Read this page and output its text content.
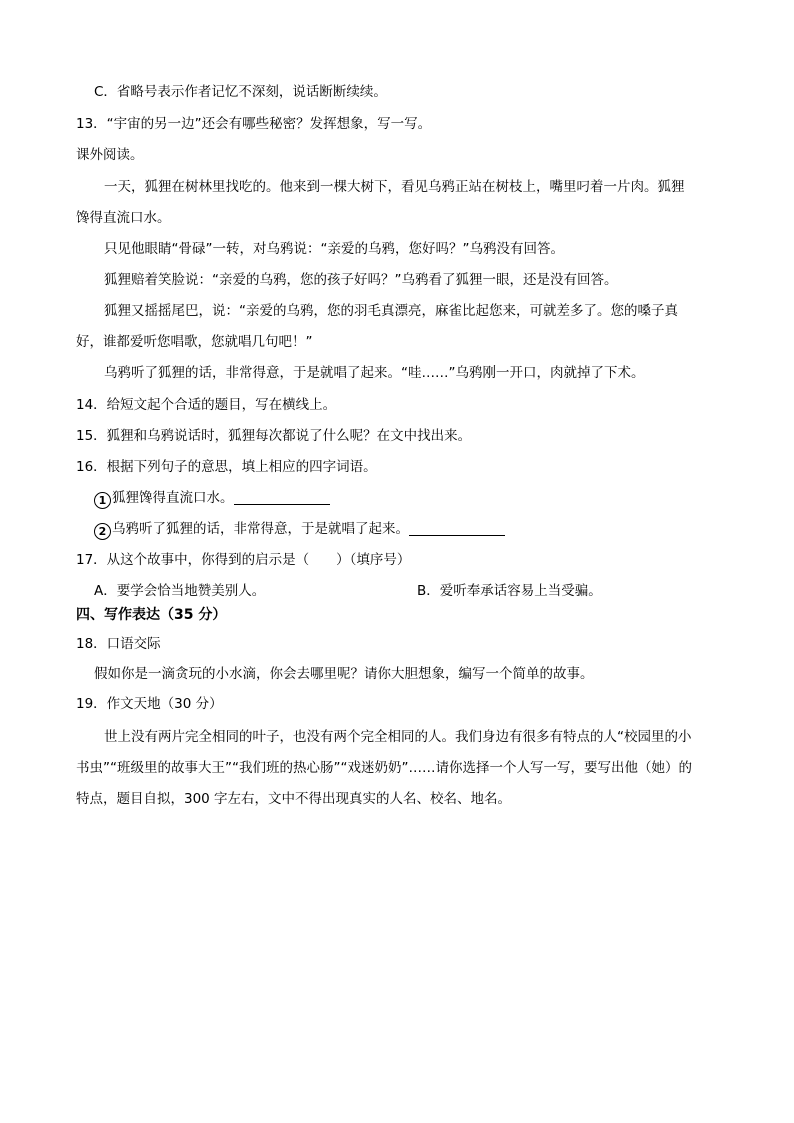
C．省略号表示作者记忆不深刻，说话断断续续。
13．“宇宙的另一边”还会有哪些秘密？发挥想象，写一写。
课外阅读。
一天，狐狸在树林里找吃的。他来到一棵大树下，看见乌鸦正站在树枝上，嘴里叼着一片肉。狐狸
馋得直流口水。
只见他眼睛“骨碌”一转，对乌鸦说：“亲爱的乌鸦，您好吗？”乌鸦没有回答。
狐狸赔着笑脸说：“亲爱的乌鸦，您的孩子好吗？”乌鸦看了狐狸一眼，还是没有回答。
狐狸又摇摇尾巴，说：“亲爱的乌鸦，您的羽毛真漂亮，麻雀比起您来，可就差多了。您的嗓子真
好，谁都爱听您唱歌，您就唱几句吧！”
乌鸦听了狐狸的话，非常得意，于是就唱了起来。“哇……”乌鸦刚一开口，肉就掉了下术。
14．给短文起个合适的题目，写在横线上。
15．狐狸和乌鸦说话时，狐狸每次都说了什么呢？在文中找出来。
16．根据下列句子的意思，填上相应的四字词语。
1 狐狸馋得直流口水。
2 乌鸦听了狐狸的话，非常得意，于是就唱了起来。
17．从这个故事中，你得到的启示是（　　）（填序号）
A．要学会恰当地赞美别人。	B．爱听奉承话容易上当受骗。
四、写作表达（35 分）
18．口语交际
假如你是一滴贪玩的小水滴，你会去哪里呢？请你大胆想象，编写一个简单的故事。
19．作文天地（30 分）
世上没有两片完全相同的叶子，也没有两个完全相同的人。我们身边有很多有特点的人“校园里的小
书虫”“班级里的故事大王”“我们班的热心肠”“戏迷奶奶”……请你选择一个人写一写，要写出他（她）的
特点，题目自拟，300 字左右，文中不得出现真实的人名、校名、地名。
